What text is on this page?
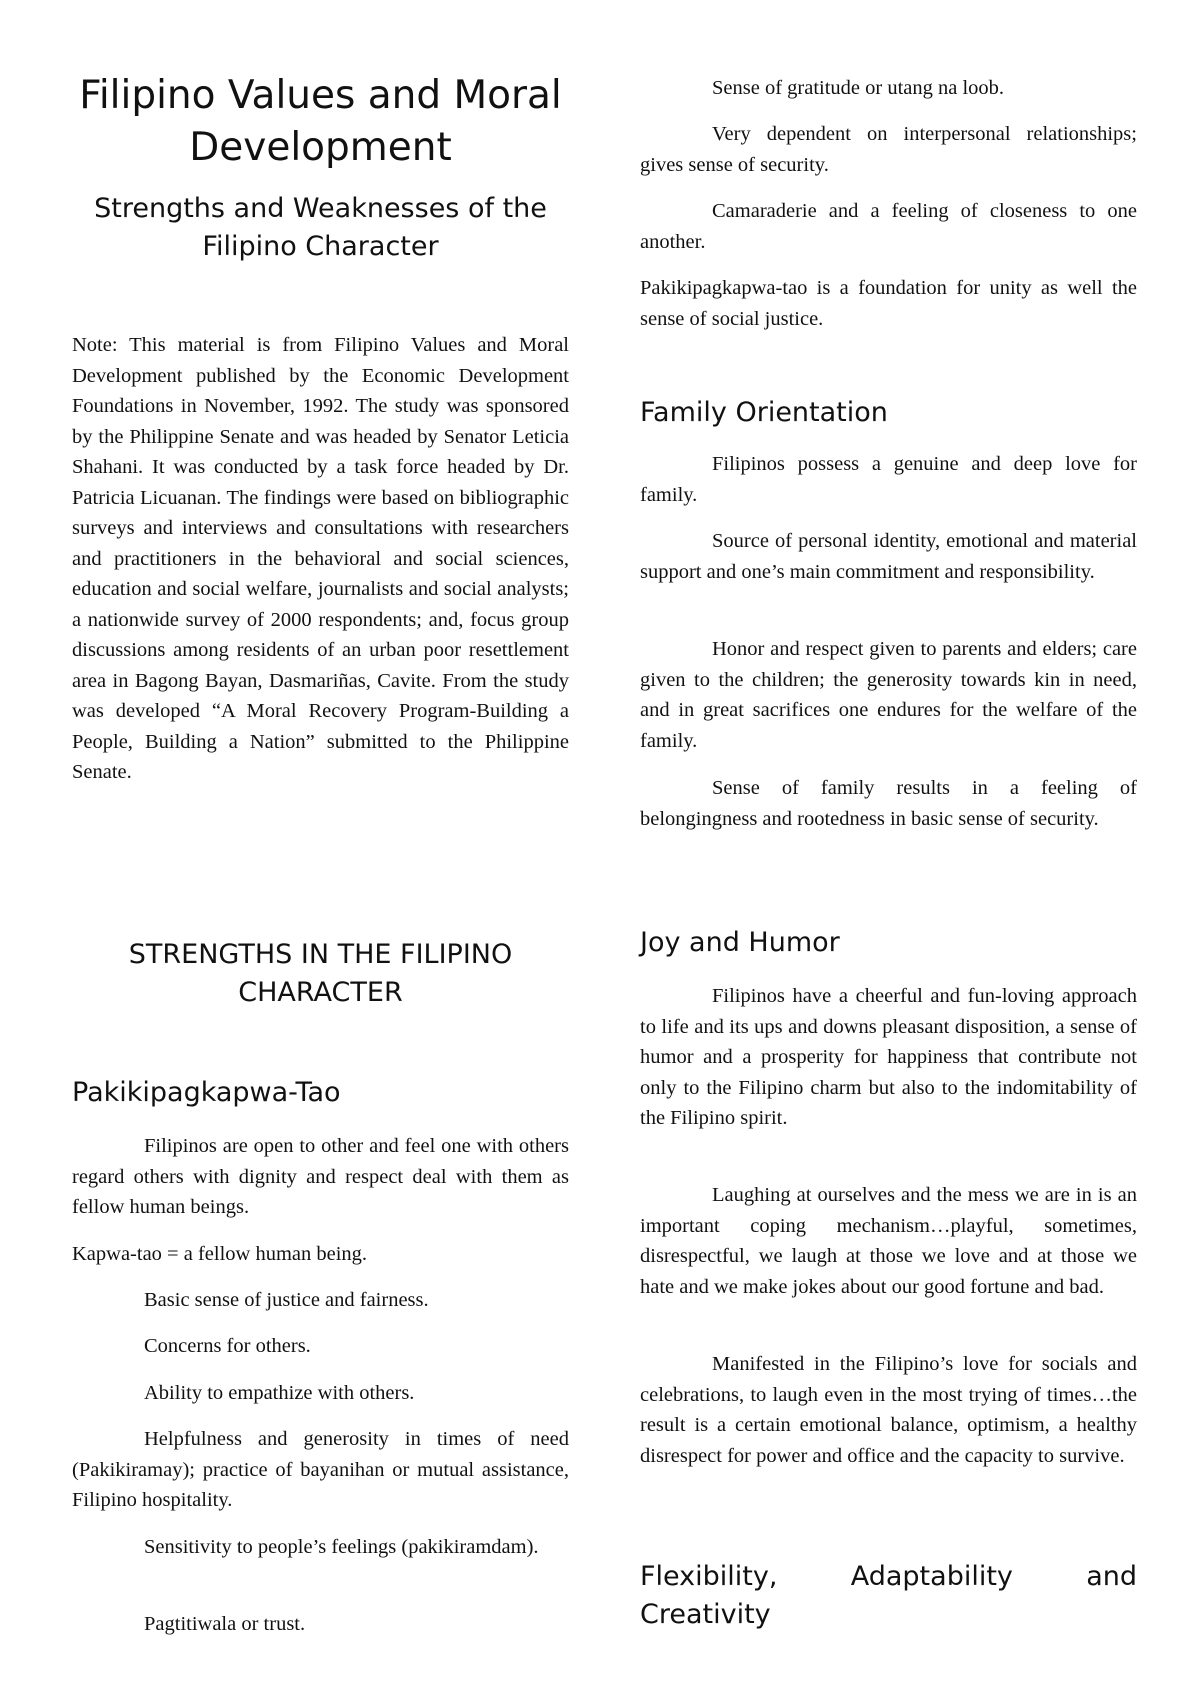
Filipino Values and Moral Development
Strengths and Weaknesses of the Filipino Character

Note: This material is from Filipino Values and Moral Development published by the Economic Development Foundations in November, 1992. The study was sponsored by the Philippine Senate and was headed by Senator Leticia Shahani. It was conducted by a task force headed by Dr. Patricia Licuanan. The findings were based on bibliographic surveys and interviews and consultations with researchers and practitioners in the behavioral and social sciences, education and social welfare, journalists and social analysts; a nationwide survey of 2000 respondents; and, focus group discussions among residents of an urban poor resettlement area in Bagong Bayan, Dasmariñas, Cavite. From the study was developed “A Moral Recovery Program-Building a People, Building a Nation” submitted to the Philippine Senate.

STRENGTHS IN THE FILIPINO CHARACTER
Pakikipagkapwa-Tao

Filipinos are open to other and feel one with others regard others with dignity and respect deal with them as fellow human beings.

Kapwa-tao = a fellow human being.

Basic sense of justice and fairness.

Concerns for others.

Ability to empathize with others.

Helpfulness and generosity in times of need (Pakikiramay); practice of bayanihan or mutual assistance, Filipino hospitality.

Sensitivity to people’s feelings (pakikiramdam).

Pagtitiwala or trust.

Sense of gratitude or utang na loob.

Very dependent on interpersonal relationships; gives sense of security.

Camaraderie and a feeling of closeness to one another.

Pakikipagkapwa-tao is a foundation for unity as well the sense of social justice.

Family Orientation

Filipinos possess a genuine and deep love for family.

Source of personal identity, emotional and material support and one’s main commitment and responsibility.

Honor and respect given to parents and elders; care given to the children; the generosity towards kin in need, and in great sacrifices one endures for the welfare of the family.

Sense of family results in a feeling of belongingness and rootedness in basic sense of security.

Joy and Humor

Filipinos have a cheerful and fun-loving approach to life and its ups and downs pleasant disposition, a sense of humor and a prosperity for happiness that contribute not only to the Filipino charm but also to the indomitability of the Filipino spirit.

Laughing at ourselves and the mess we are in is an important coping mechanism…playful, sometimes, disrespectful, we laugh at those we love and at those we hate and we make jokes about our good fortune and bad.

Manifested in the Filipino’s love for socials and celebrations, to laugh even in the most trying of times…the result is a certain emotional balance, optimism, a healthy disrespect for power and office and the capacity to survive.

Flexibility, Adaptability and Creativity
